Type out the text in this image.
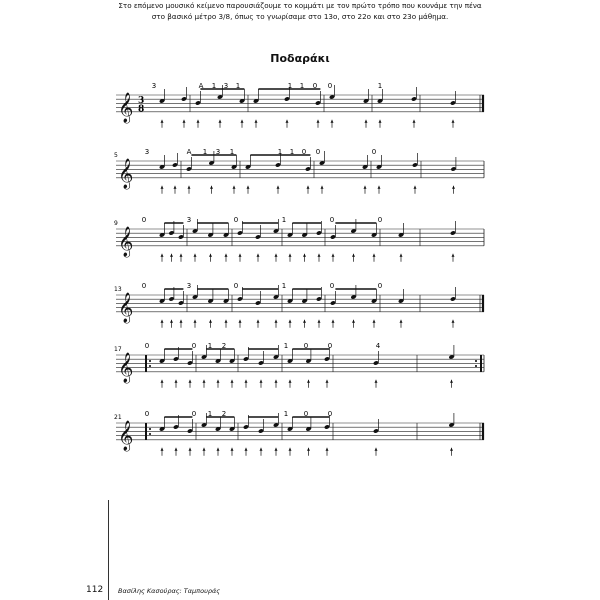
Στο επόμενο μουσικό κείμενο παρουσιάζουμε το κομμάτι με τον πρώτο τρόπο που κουνάμε την πένα στο βασικό μέτρο 3/8, όπως το γνωρίσαμε στο 13ο, στο 22ο και στο 23ο μάθημα.
Ποδαράκι
𝄞 3
8
3	A 1 3 1	1 1 0 0	1
𝄞
5	3	A 1 3 1	1 1 0 0	0
𝄞
9	0	3	0	1	0	0
𝄞
13	0	3	0	1	0	0
𝄞
17	0	0 1 2	1 0	0	4
𝄞
21	0	0 1 2	1 0	0
112 Βασίλης Κασούρας: Ταμπουράς
